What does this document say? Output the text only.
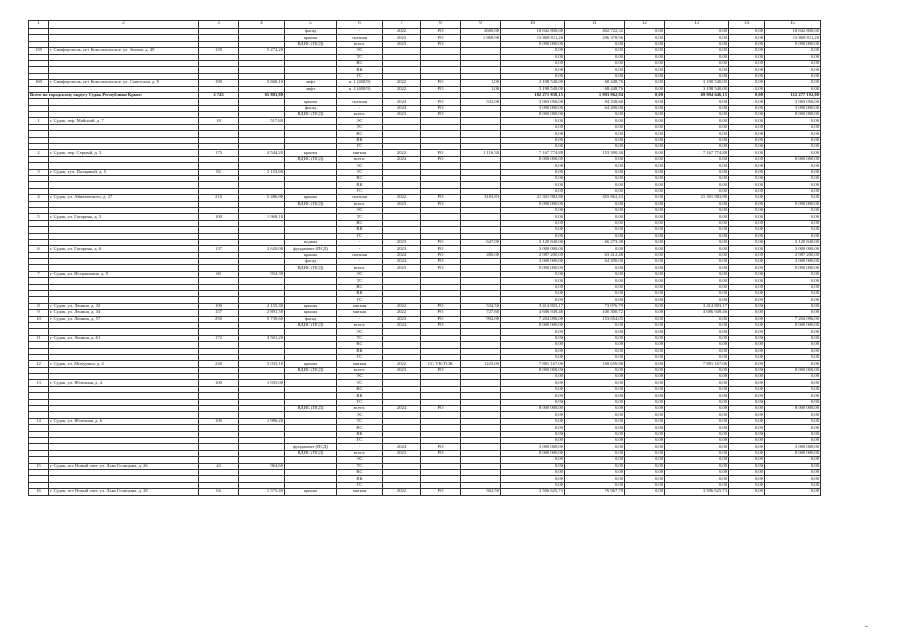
1	2	3	4	5	6	7	8	9	10	11	12	13	14	15
				фасад	-	2022	РО	2600,00	18 842 800,00	402 722,32	0,00	0,00	0,00	18 842 800,00
				крыша	скатная	2023	РО	1 868,90	13 868 811,20	296 378,96	0,00	0,00	0,00	13 868 811,20
				ВДИС (ПСД)	всего:	2023	РО		8 000 000,00	0,00	0,00	0,00	0,00	8 000 000,00
159	г. Симферополь, пгт Комсомольское, ул. Зелена, д. 49	139	5 274,20		ЭС				0,00	0,00	0,00	0,00	0,00	0,00
					ТС				0,00	0,00	0,00	0,00	0,00	0,00
					ВС				0,00	0,00	0,00	0,00	0,00	0,00
					ВК				0,00	0,00	0,00	0,00	0,00	0,00
					ГС				0,00	0,00	0,00	0,00	0,00	0,00
160	г. Симферополь, пгт Комсомольское, ул. Советская, д. 8	190	5 660,10	лифт	п. 1 (400/9)	2022	РО	1,00	3 198 540,00	68 448,76	0,00	3 198 540,00	0,00	0,00
				лифт	п. 2 (400/9)	2022	РО	1,00	3 198 540,00	68 448,76	0,00	3 198 540,00	0,00	0,00
Всего по городскому округу Судак Республики Крым:		2 743	65 803,88						182 271 838,15	1 993 962,94	0,00	69 994 646,15	0,00	112 277 192,00
				крыша	скатная	2024	РО	532,00	3 965 056,00	84 338,60	0,00	0,00	0,00	3 965 056,00
				фасад	-	2024	РО		3 000 000,00	64 200,00	0,00	0,00	0,00	3 000 000,00
				ВДИС (ПСД)	всего:	2023	РО		8 000 000,00	0,00	0,00	0,00	0,00	8 000 000,00
1	г. Судак, пер. Майский, д. 7	18	517,80		ЭС				0,00	0,00	0,00	0,00	0,00	0,00
					ТС				0,00	0,00	0,00	0,00	0,00	0,00
					ВС				0,00	0,00	0,00	0,00	0,00	0,00
					ВК				0,00	0,00	0,00	0,00	0,00	0,00
					ГС				0,00	0,00	0,00	0,00	0,00	0,00
2	г. Судак, пер. Серный, д. 3	175	4 544,20	крыша	мягкая	2022	РО	1 116,30	7 167 774,88	153 390,38	0,00	7 167 774,88	0,00	0,00
				ВДИС (ПСД)	всего:	2024	РО		8 000 000,00	0,00	0,00	0,00	0,00	8 000 000,00
					ЭС				0,00	0,00	0,00	0,00	0,00	0,00
3	г. Судак, туп. Полярный, д. 5	82	2 152,68		ТС				0,00	0,00	0,00	0,00	0,00	0,00
					ВС				0,00	0,00	0,00	0,00	0,00	0,00
					ВК				0,00	0,00	0,00	0,00	0,00	0,00
					ГС				0,00	0,00	0,00	0,00	0,00	0,00
4	г. Судак, ул. Айвазовского, д. 27	210	5 486,90	крыша	скатная	2022	РО	3183,83	21 301 982,80	455 862,43	0,00	21 301 982,80	0,00	0,00
				ВДИС (ПСД)	всего:	2023	РО		8 000 000,00	0,00	0,00	0,00	0,00	8 000 000,00
					ЭС				0,00	0,00	0,00	0,00	0,00	0,00
5	г. Судак, ул. Гагарина, д. 3	100	1 968,10		ТС				0,00	0,00	0,00	0,00	0,00	0,00
					ВС				0,00	0,00	0,00	0,00	0,00	0,00
					ВК				0,00	0,00	0,00	0,00	0,00	0,00
					ГС				0,00	0,00	0,00	0,00	0,00	0,00
				подвал	-	2023	РО	647,00	3 120 840,00	66 273,38	0,00	0,00	0,00	3 120 840,00
6	г. Судак, ул. Гагарина, д. 6	137	2 620,00	фундамент (ПСД)	-	2023	РО		3 000 000,00	0,00	0,00	0,00	0,00	3 000 000,00
				крыша	скатная	2024	РО	400,00	2 987 200,00	63 412,48	0,00	0,00	0,00	2 987 200,00
				фасад	-	2024	РО		3 000 000,00	64 200,00	0,00	0,00	0,00	3 000 000,00
				ВДИС (ПСД)	всего:	2023	РО		8 000 000,00	0,00	0,00	0,00	0,00	8 000 000,00
7	г. Судак, ул. Истрашкина, д. 9	60	954,30		ЭС				0,00	0,00	0,00	0,00	0,00	0,00
					ТС				0,00	0,00	0,00	0,00	0,00	0,00
					ВС				0,00	0,00	0,00	0,00	0,00	0,00
					ВК				0,00	0,00	0,00	0,00	0,00	0,00
					ГС				0,00	0,00	0,00	0,00	0,00	0,00
8	г. Судак, ул. Ленина, д. 32	100	2 155,30	крыша	мягкая	2022	РО	534,50	3 414 803,17	73 076,79	0,00	3 414 803,17	0,00	0,00
9	г. Судак, ул. Ленина, д. 34	157	2 891,50	крыша	мягкая	2022	РО	727,60	4 686 949,46	100 300,72	0,00	4 686 949,46	0,00	0,00
10	г. Судак, ул. Ленина, д. 57	250	5 739,60	фасад	-	2023	РО	992,00	7 204 096,00	153 654,05	0,00	0,00	0,00	7 204 096,00
				ВДИС (ПСД)	всего:	2024	РО		8 000 000,00	0,00	0,00	0,00	0,00	8 000 000,00
					ЭС				0,00	0,00	0,00	0,00	0,00	0,00
11	г. Судак, ул. Ленина, д. 61	172	3 501,20		ТС				0,00	0,00	0,00	0,00	0,00	0,00
					ВС				0,00	0,00	0,00	0,00	0,00	0,00
					ВК				0,00	0,00	0,00	0,00	0,00	0,00
					ГС				0,00	0,00	0,00	0,00	0,00	0,00
12	г. Судак, ул. Мичурина, д. 2	230	5 033,10	крыша	мягкая	2022	СС УК/ТСЖ	1225,00	7 881 167,06	168 656,98	0,00	7 881 167,06	0,00	0,00
				ВДИС (ПСД)	всего:	2023	РО		8 000 000,00	0,00	0,00	0,00	0,00	8 000 000,00
					ЭС				0,00	0,00	0,00	0,00	0,00	0,00
13	г. Судак, ул. Яблочная, д. 4	100	1 935,00		ТС				0,00	0,00	0,00	0,00	0,00	0,00
					ВС				0,00	0,00	0,00	0,00	0,00	0,00
					ВК				0,00	0,00	0,00	0,00	0,00	0,00
					ГС				0,00	0,00	0,00	0,00	0,00	0,00
				ВДИС (ПСД)	всего:	2024	РО		8 000 000,00	0,00	0,00	0,00	0,00	8 000 000,00
					ЭС				0,00	0,00	0,00	0,00	0,00	0,00
14	г. Судак, ул. Яблочная, д. 6	100	1 986,20		ТС				0,00	0,00	0,00	0,00	0,00	0,00
					ВС				0,00	0,00	0,00	0,00	0,00	0,00
					ВК				0,00	0,00	0,00	0,00	0,00	0,00
					ГС				0,00	0,00	0,00	0,00	0,00	0,00
				фундамент (ПСД)	-	2024	РО		3 000 000,00	0,00	0,00	0,00	0,00	3 000 000,00
				ВДИС (ПСД)	всего:	2023	РО		8 000 000,00	0,00	0,00	0,00	0,00	8 000 000,00
					ЭС				0,00	0,00	0,00	0,00	0,00	0,00
15	г. Судак, пгт Новый свет, ул. Льва Голицына, д. 26	44	964,60		ТС				0,00	0,00	0,00	0,00	0,00	0,00
					ВС				0,00	0,00	0,00	0,00	0,00	0,00
					ВК				0,00	0,00	0,00	0,00	0,00	0,00
					ГС				0,00	0,00	0,00	0,00	0,00	0,00
16	г. Судак, пгт Новый свет, ул. Льва Голицына, д. 28	64	1 575,40	крыша	мягкая	2022	РО	562,50	3 596 625,73	76 967,79	0,00	3 596 625,73	0,00	0,00
